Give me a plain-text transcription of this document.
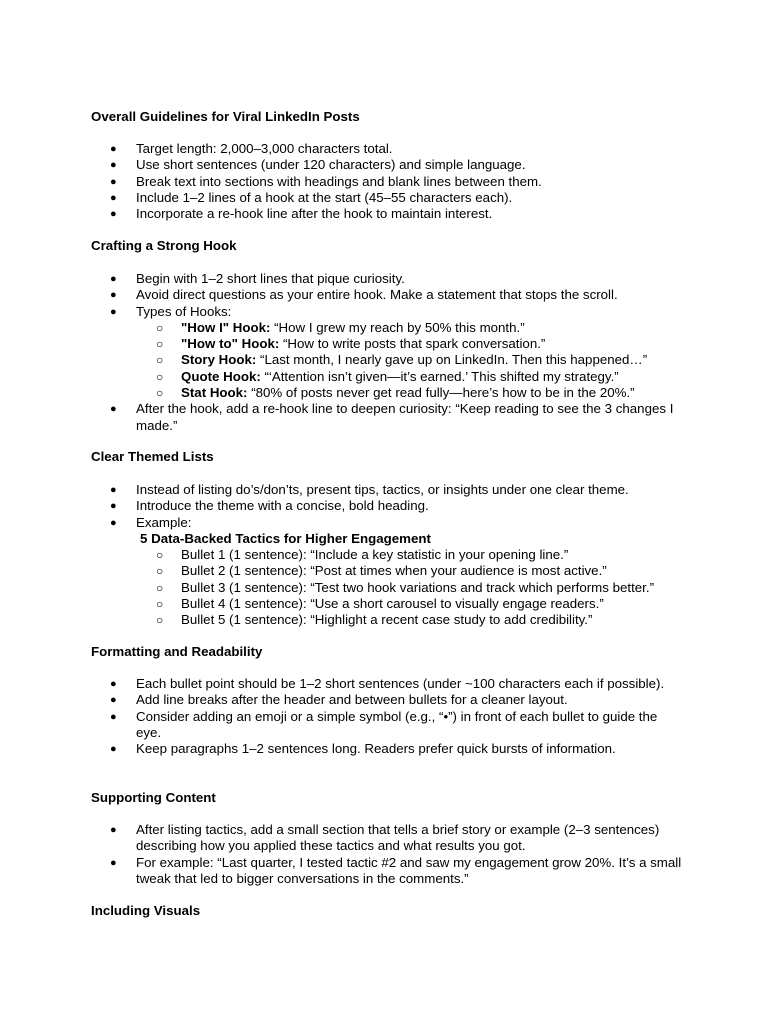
Overall Guidelines for Viral LinkedIn Posts
● Target length: 2,000–3,000 characters total.
● Use short sentences (under 120 characters) and simple language.
● Break text into sections with headings and blank lines between them.
● Include 1–2 lines of a hook at the start (45–55 characters each).
● Incorporate a re-hook line after the hook to maintain interest.
Crafting a Strong Hook
● Begin with 1–2 short lines that pique curiosity.
● Avoid direct questions as your entire hook. Make a statement that stops the scroll.
● Types of Hooks:
○ "How I" Hook: “How I grew my reach by 50% this month.”
○ "How to" Hook: “How to write posts that spark conversation.”
○ Story Hook: “Last month, I nearly gave up on LinkedIn. Then this happened…”
○ Quote Hook: “‘Attention isn’t given—it’s earned.’ This shifted my strategy.”
○ Stat Hook: “80% of posts never get read fully—here’s how to be in the 20%.”
● After the hook, add a re-hook line to deepen curiosity: “Keep reading to see the 3 changes I made.”
Clear Themed Lists
● Instead of listing do’s/don’ts, present tips, tactics, or insights under one clear theme.
● Introduce the theme with a concise, bold heading.
● Example:
5 Data-Backed Tactics for Higher Engagement
○ Bullet 1 (1 sentence): “Include a key statistic in your opening line.”
○ Bullet 2 (1 sentence): “Post at times when your audience is most active.”
○ Bullet 3 (1 sentence): “Test two hook variations and track which performs better.”
○ Bullet 4 (1 sentence): “Use a short carousel to visually engage readers.”
○ Bullet 5 (1 sentence): “Highlight a recent case study to add credibility.”
Formatting and Readability
● Each bullet point should be 1–2 short sentences (under ~100 characters each if possible).
● Add line breaks after the header and between bullets for a cleaner layout.
● Consider adding an emoji or a simple symbol (e.g., “•”) in front of each bullet to guide the eye.
● Keep paragraphs 1–2 sentences long. Readers prefer quick bursts of information.
Supporting Content
● After listing tactics, add a small section that tells a brief story or example (2–3 sentences) describing how you applied these tactics and what results you got.
● For example: “Last quarter, I tested tactic #2 and saw my engagement grow 20%. It’s a small tweak that led to bigger conversations in the comments.”
Including Visuals
